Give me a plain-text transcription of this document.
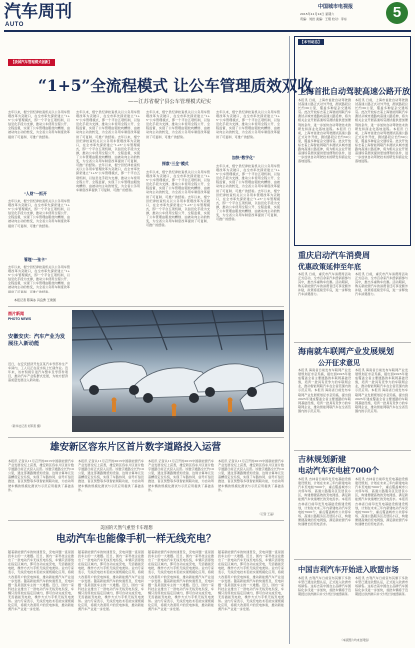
汽车周刊
AUTO
中国城市电视报
2015年11月14日 星期六
责编：刘岩 美编：王翔 校对：李东	5
【我国汽车管理模式创新】
“1+5”全流程模式 让公车管理质效双收
——江苏省棍宁县公车管理模式纪实
去年以来，棍宁县纪律检查机关以公务用车管理改革为突破口，在全市率先探索建立“1+5”公车管理模式，即一个平台五项机制，以信息化手段为支撑，推动公车使用全程公开、全程监督，实现了公车管理由粗放向精细、由被动向主动的转变，为全省公务用车制度改革提供了可复制、可推广的经验。
“人财”一抓开
去年以来，棍宁县纪律检查机关以公务用车管理改革为突破口，在全市率先探索建立“1+5”公车管理模式，即一个平台五项机制，以信息化手段为支撑，推动公车使用全程公开、全程监督，实现了公车管理由粗放向精细、由被动向主动的转变，为全省公务用车制度改革提供了可复制、可推广的经验。
管理“一张卡”
去年以来，棍宁县纪律检查机关以公务用车管理改革为突破口，在全市率先探索建立“1+5”公车管理模式，即一个平台五项机制，以信息化手段为支撑，推动公车使用全程公开、全程监督，实现了公车管理由粗放向精细、由被动向主动的转变，为全省公务用车制度改革提供了可复制、可推广的经验。
本报记者 陈海冰 冯良勇 王建国
去年以来，棍宁县纪律检查机关以公务用车管理改革为突破口，在全市率先探索建立“1+5”公车管理模式，即一个平台五项机制，以信息化手段为支撑，推动公车使用全程公开、全程监督，实现了公车管理由粗放向精细、由被动向主动的转变，为全省公务用车制度改革提供了可复制、可推广的经验。去年以来，棍宁县纪律检查机关以公务用车管理改革为突破口，在全市率先探索建立“1+5”公车管理模式，即一个平台五项机制，以信息化手段为支撑，推动公车使用全程公开、全程监督，实现了公车管理由粗放向精细、由被动向主动的转变，为全省公务用车制度改革提供了可复制、可推广的经验。去年以来，棍宁县纪律检查机关以公务用车管理改革为突破口，在全市率先探索建立“1+5”公车管理模式，即一个平台五项机制，以信息化手段为支撑，推动公车使用全程公开、全程监督，实现了公车管理由粗放向精细、由被动向主动的转变，为全省公务用车制度改革提供了可复制、可推广的经验。
去年以来，棍宁县纪律检查机关以公务用车管理改革为突破口，在全市率先探索建立“1+5”公车管理模式，即一个平台五项机制，以信息化手段为支撑，推动公车使用全程公开、全程监督，实现了公车管理由粗放向精细、由被动向主动的转变，为全省公务用车制度改革提供了可复制、可推广的经验。
探索“三全”模式
去年以来，棍宁县纪律检查机关以公务用车管理改革为突破口，在全市率先探索建立“1+5”公车管理模式，即一个平台五项机制，以信息化手段为支撑，推动公车使用全程公开、全程监督，实现了公车管理由粗放向精细、由被动向主动的转变，为全省公务用车制度改革提供了可复制、可推广的经验。去年以来，棍宁县纪律检查机关以公务用车管理改革为突破口，在全市率先探索建立“1+5”公车管理模式，即一个平台五项机制，以信息化手段为支撑，推动公车使用全程公开、全程监督，实现了公车管理由粗放向精细、由被动向主动的转变，为全省公务用车制度改革提供了可复制、可推广的经验。
去年以来，棍宁县纪律检查机关以公务用车管理改革为突破口，在全市率先探索建立“1+5”公车管理模式，即一个平台五项机制，以信息化手段为支撑，推动公车使用全程公开、全程监督，实现了公车管理由粗放向精细、由被动向主动的转变，为全省公务用车制度改革提供了可复制、可推广的经验。
加快“数字化”
去年以来，棍宁县纪律检查机关以公务用车管理改革为突破口，在全市率先探索建立“1+5”公车管理模式，即一个平台五项机制，以信息化手段为支撑，推动公车使用全程公开、全程监督，实现了公车管理由粗放向精细、由被动向主动的转变，为全省公务用车制度改革提供了可复制、可推广的经验。去年以来，棍宁县纪律检查机关以公务用车管理改革为突破口，在全市率先探索建立“1+5”公车管理模式，即一个平台五项机制，以信息化手段为支撑，推动公车使用全程公开、全程监督，实现了公车管理由粗放向精细、由被动向主动的转变，为全省公务用车制度改革提供了可复制、可推广的经验。
图片新闻
PHOTO NEWS
安徽安庆：汽车产业为发展注入新动能
近日，在安庆经济开发区某汽车零部件生产车间内，工人们正在流水线上忙碌作业。近年来，该市积极引进汽车整车及零部件项目，推动汽车产业集群式发展，为地方经济高质量发展注入新动能。
（新华社记者 刘军喜 摄）
雄安新区容东片区首片数字道路投入运营
本报讯 记者从11月召开的2015中国新能源汽车产业发展论坛上获悉，雄安新区容东片区首片数字道路日前正式投入运营。该数字道路全长约10公里，通过部署路侧感知设备、边缘计算单元及高精度定位系统，实现了车路协同、信号灯信息推送、盲区预警等多项智能网联功能，为自动驾驶车辆的规模化测试与示范应用提供了基础条件。
本报讯 记者从11月召开的2015中国新能源汽车产业发展论坛上获悉，雄安新区容东片区首片数字道路日前正式投入运营。该数字道路全长约10公里，通过部署路侧感知设备、边缘计算单元及高精度定位系统，实现了车路协同、信号灯信息推送、盲区预警等多项智能网联功能，为自动驾驶车辆的规模化测试与示范应用提供了基础条件。
本报讯 记者从11月召开的2015中国新能源汽车产业发展论坛上获悉，雄安新区容东片区首片数字道路日前正式投入运营。该数字道路全长约10公里，通过部署路侧感知设备、边缘计算单元及高精度定位系统，实现了车路协同、信号灯信息推送、盲区预警等多项智能网联功能，为自动驾驶车辆的规模化测试与示范应用提供了基础条件。
本报讯 记者从11月召开的2015中国新能源汽车产业发展论坛上获悉，雄安新区容东片区首片数字道路日前正式投入运营。该数字道路全长约10公里，通过部署路侧感知设备、边缘计算单元及高精度定位系统，实现了车路协同、信号灯信息推送、盲区预警等多项智能网联功能，为自动驾驶车辆的规模化测试与示范应用提供了基础条件。
（记者 王晶）
美国的天然气重型卡车理想
电动汽车也能像手机一样无线充电？
随着新能源汽车的快速普及，充电问题一直是困扰车主的一大难题。近日，国内一家科技企业推出了一款电动汽车无线充电系统，车辆只需停放在指定区域内，即可自动完成充电，无需插拔充电枪，操作方式与手机无线充电类似。业内专家表示，无线充电技术若能实现规模化应用，将极大改善用户的充电体验，推动新能源汽车产业进一步发展。随着新能源汽车的快速普及，充电问题一直是困扰车主的一大难题。近日，国内一家科技企业推出了一款电动汽车无线充电系统，车辆只需停放在指定区域内，即可自动完成充电，无需插拔充电枪，操作方式与手机无线充电类似。业内专家表示，无线充电技术若能实现规模化应用，将极大改善用户的充电体验，推动新能源汽车产业进一步发展。
随着新能源汽车的快速普及，充电问题一直是困扰车主的一大难题。近日，国内一家科技企业推出了一款电动汽车无线充电系统，车辆只需停放在指定区域内，即可自动完成充电，无需插拔充电枪，操作方式与手机无线充电类似。业内专家表示，无线充电技术若能实现规模化应用，将极大改善用户的充电体验，推动新能源汽车产业进一步发展。随着新能源汽车的快速普及，充电问题一直是困扰车主的一大难题。近日，国内一家科技企业推出了一款电动汽车无线充电系统，车辆只需停放在指定区域内，即可自动完成充电，无需插拔充电枪，操作方式与手机无线充电类似。业内专家表示，无线充电技术若能实现规模化应用，将极大改善用户的充电体验，推动新能源汽车产业进一步发展。
随着新能源汽车的快速普及，充电问题一直是困扰车主的一大难题。近日，国内一家科技企业推出了一款电动汽车无线充电系统，车辆只需停放在指定区域内，即可自动完成充电，无需插拔充电枪，操作方式与手机无线充电类似。业内专家表示，无线充电技术若能实现规模化应用，将极大改善用户的充电体验，推动新能源汽车产业进一步发展。随着新能源汽车的快速普及，充电问题一直是困扰车主的一大难题。近日，国内一家科技企业推出了一款电动汽车无线充电系统，车辆只需停放在指定区域内，即可自动完成充电，无需插拔充电枪，操作方式与手机无线充电类似。业内专家表示，无线充电技术若能实现规模化应用，将极大改善用户的充电体验，推动新能源汽车产业进一步发展。
随着新能源汽车的快速普及，充电问题一直是困扰车主的一大难题。近日，国内一家科技企业推出了一款电动汽车无线充电系统，车辆只需停放在指定区域内，即可自动完成充电，无需插拔充电枪，操作方式与手机无线充电类似。业内专家表示，无线充电技术若能实现规模化应用，将极大改善用户的充电体验，推动新能源汽车产业进一步发展。随着新能源汽车的快速普及，充电问题一直是困扰车主的一大难题。近日，国内一家科技企业推出了一款电动汽车无线充电系统，车辆只需停放在指定区域内，即可自动完成充电，无需插拔充电枪，操作方式与手机无线充电类似。业内专家表示，无线充电技术若能实现规模化应用，将极大改善用户的充电体验，推动新能源汽车产业进一步发展。
【本刊动态】
上海首批自动驾驶高速公路开放
本报讯 日前，上海市首批自动驾驶测试高速公路正式对外开放，测试路段总长约30公里，覆盖多种复杂交通场景。此次开放标志着上海智能网联汽车测试从城市道路向高速公路延伸，将为相关企业开展高速场景测试提供更加便利的条件，进一步加快自动驾驶技术的研发和商业化落地进程。本报讯 日前，上海市首批自动驾驶测试高速公路正式对外开放，测试路段总长约30公里，覆盖多种复杂交通场景。此次开放标志着上海智能网联汽车测试从城市道路向高速公路延伸，将为相关企业开展高速场景测试提供更加便利的条件，进一步加快自动驾驶技术的研发和商业化落地进程。
本报讯 日前，上海市首批自动驾驶测试高速公路正式对外开放，测试路段总长约30公里，覆盖多种复杂交通场景。此次开放标志着上海智能网联汽车测试从城市道路向高速公路延伸，将为相关企业开展高速场景测试提供更加便利的条件，进一步加快自动驾驶技术的研发和商业化落地进程。本报讯 日前，上海市首批自动驾驶测试高速公路正式对外开放，测试路段总长约30公里，覆盖多种复杂交通场景。此次开放标志着上海智能网联汽车测试从城市道路向高速公路延伸，将为相关企业开展高速场景测试提供更加便利的条件，进一步加快自动驾驶技术的研发和商业化落地进程。
重庆启动汽车消费周
优惠政策延伸至年底
本报讯 日前，重庆市汽车消费周活动正式启动，全市百余家汽车经销商参与其中，推出多重购车优惠。活动期间，购买新能源汽车的消费者还可享受额外补贴，政策将延续至年底，进一步释放汽车消费潜力。
本报讯 日前，重庆市汽车消费周活动正式启动，全市百余家汽车经销商参与其中，推出多重购车优惠。活动期间，购买新能源汽车的消费者还可享受额外补贴，政策将延续至年底，进一步释放汽车消费潜力。
海南就车联网产业发展规划
公开征求意见
本报讯 海南省日前发布车联网产业发展规划征求意见稿，提出到2025年建成覆盖全省主要道路的车联网基础设施，培育一批具有竞争力的车联网企业，推动智能网联汽车在全省范围内的示范应用。本报讯 海南省日前发布车联网产业发展规划征求意见稿，提出到2025年建成覆盖全省主要道路的车联网基础设施，培育一批具有竞争力的车联网企业，推动智能网联汽车在全省范围内的示范应用。
本报讯 海南省日前发布车联网产业发展规划征求意见稿，提出到2025年建成覆盖全省主要道路的车联网基础设施，培育一批具有竞争力的车联网企业，推动智能网联汽车在全省范围内的示范应用。本报讯 海南省日前发布车联网产业发展规划征求意见稿，提出到2025年建成覆盖全省主要道路的车联网基础设施，培育一批具有竞争力的车联网企业，推动智能网联汽车在全省范围内的示范应用。
吉林规划新建
电动汽车充电桩7000个
本报讯 吉林省日前印发充电基础设施建设规划，计划在未来三年内新建电动汽车充电桩7000个，重点覆盖城市公共停车场、高速公路服务区及居民小区，构建便捷高效的充电网络，满足新能源汽车快速增长的充电需求。本报讯 吉林省日前印发充电基础设施建设规划，计划在未来三年内新建电动汽车充电桩7000个，重点覆盖城市公共停车场、高速公路服务区及居民小区，构建便捷高效的充电网络，满足新能源汽车快速增长的充电需求。
本报讯 吉林省日前印发充电基础设施建设规划，计划在未来三年内新建电动汽车充电桩7000个，重点覆盖城市公共停车场、高速公路服务区及居民小区，构建便捷高效的充电网络，满足新能源汽车快速增长的充电需求。本报讯 吉林省日前印发充电基础设施建设规划，计划在未来三年内新建电动汽车充电桩7000个，重点覆盖城市公共停车场、高速公路服务区及居民小区，构建便捷高效的充电网络，满足新能源汽车快速增长的充电需求。
中国吉利汽车开始进入欧盟市场
本报讯 吉利汽车日前宣布其旗下多款车型已通过欧盟认证，正式进入欧洲市场销售。这标志着中国自主品牌汽车国际化步伐进一步加快，首批车辆将于近期抵达欧洲港口并交付给当地经销商。
本报讯 吉利汽车日前宣布其旗下多款车型已通过欧盟认证，正式进入欧洲市场销售。这标志着中国自主品牌汽车国际化步伐进一步加快，首批车辆将于近期抵达欧洲港口并交付给当地经销商。
（本版图片均来自网络）
